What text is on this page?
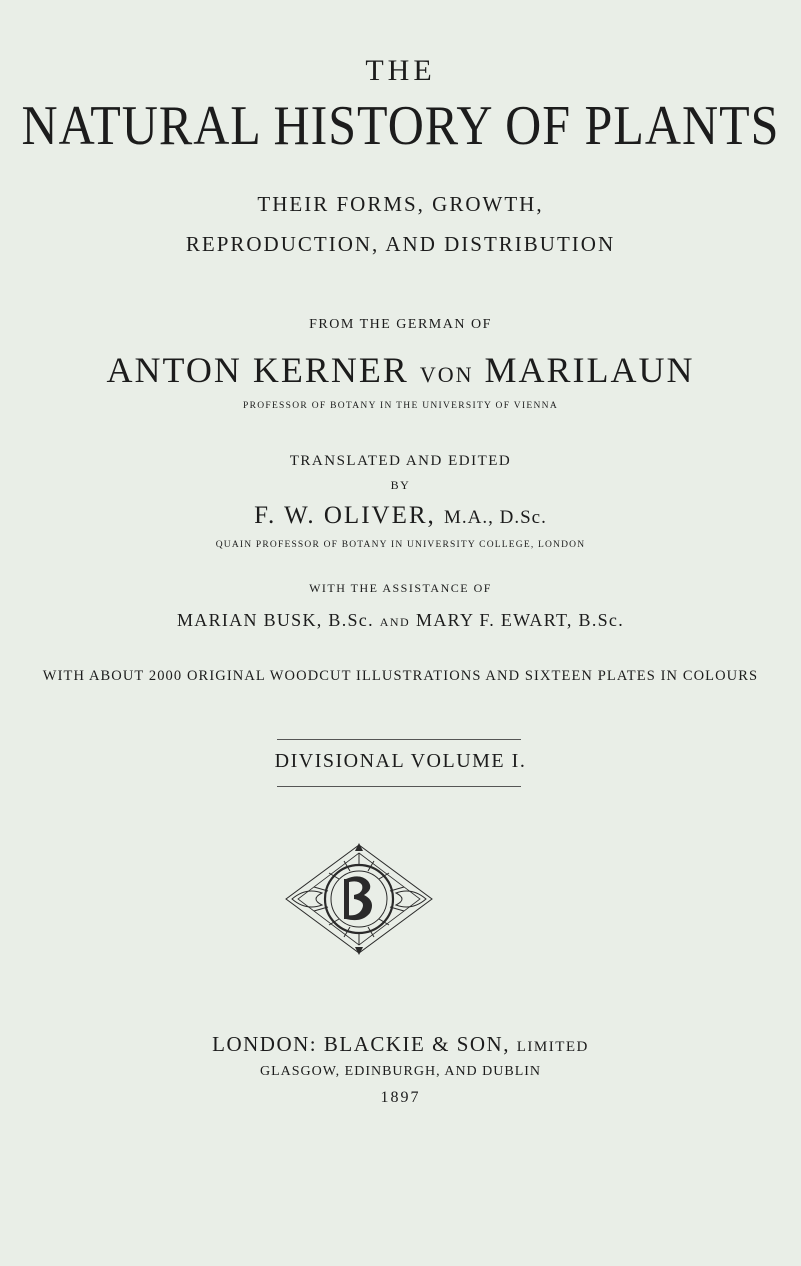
THE
NATURAL HISTORY OF PLANTS
THEIR FORMS, GROWTH,
REPRODUCTION, AND DISTRIBUTION
FROM THE GERMAN OF
ANTON KERNER VON MARILAUN
PROFESSOR OF BOTANY IN THE UNIVERSITY OF VIENNA
TRANSLATED AND EDITED
BY
F. W. OLIVER, M.A., D.Sc.
QUAIN PROFESSOR OF BOTANY IN UNIVERSITY COLLEGE, LONDON
WITH THE ASSISTANCE OF
MARIAN BUSK, B.Sc. AND MARY F. EWART, B.Sc.
WITH ABOUT 2000 ORIGINAL WOODCUT ILLUSTRATIONS AND SIXTEEN PLATES IN COLOURS
DIVISIONAL VOLUME I.
LONDON: BLACKIE & SON, LIMITED
GLASGOW, EDINBURGH, AND DUBLIN
1897
